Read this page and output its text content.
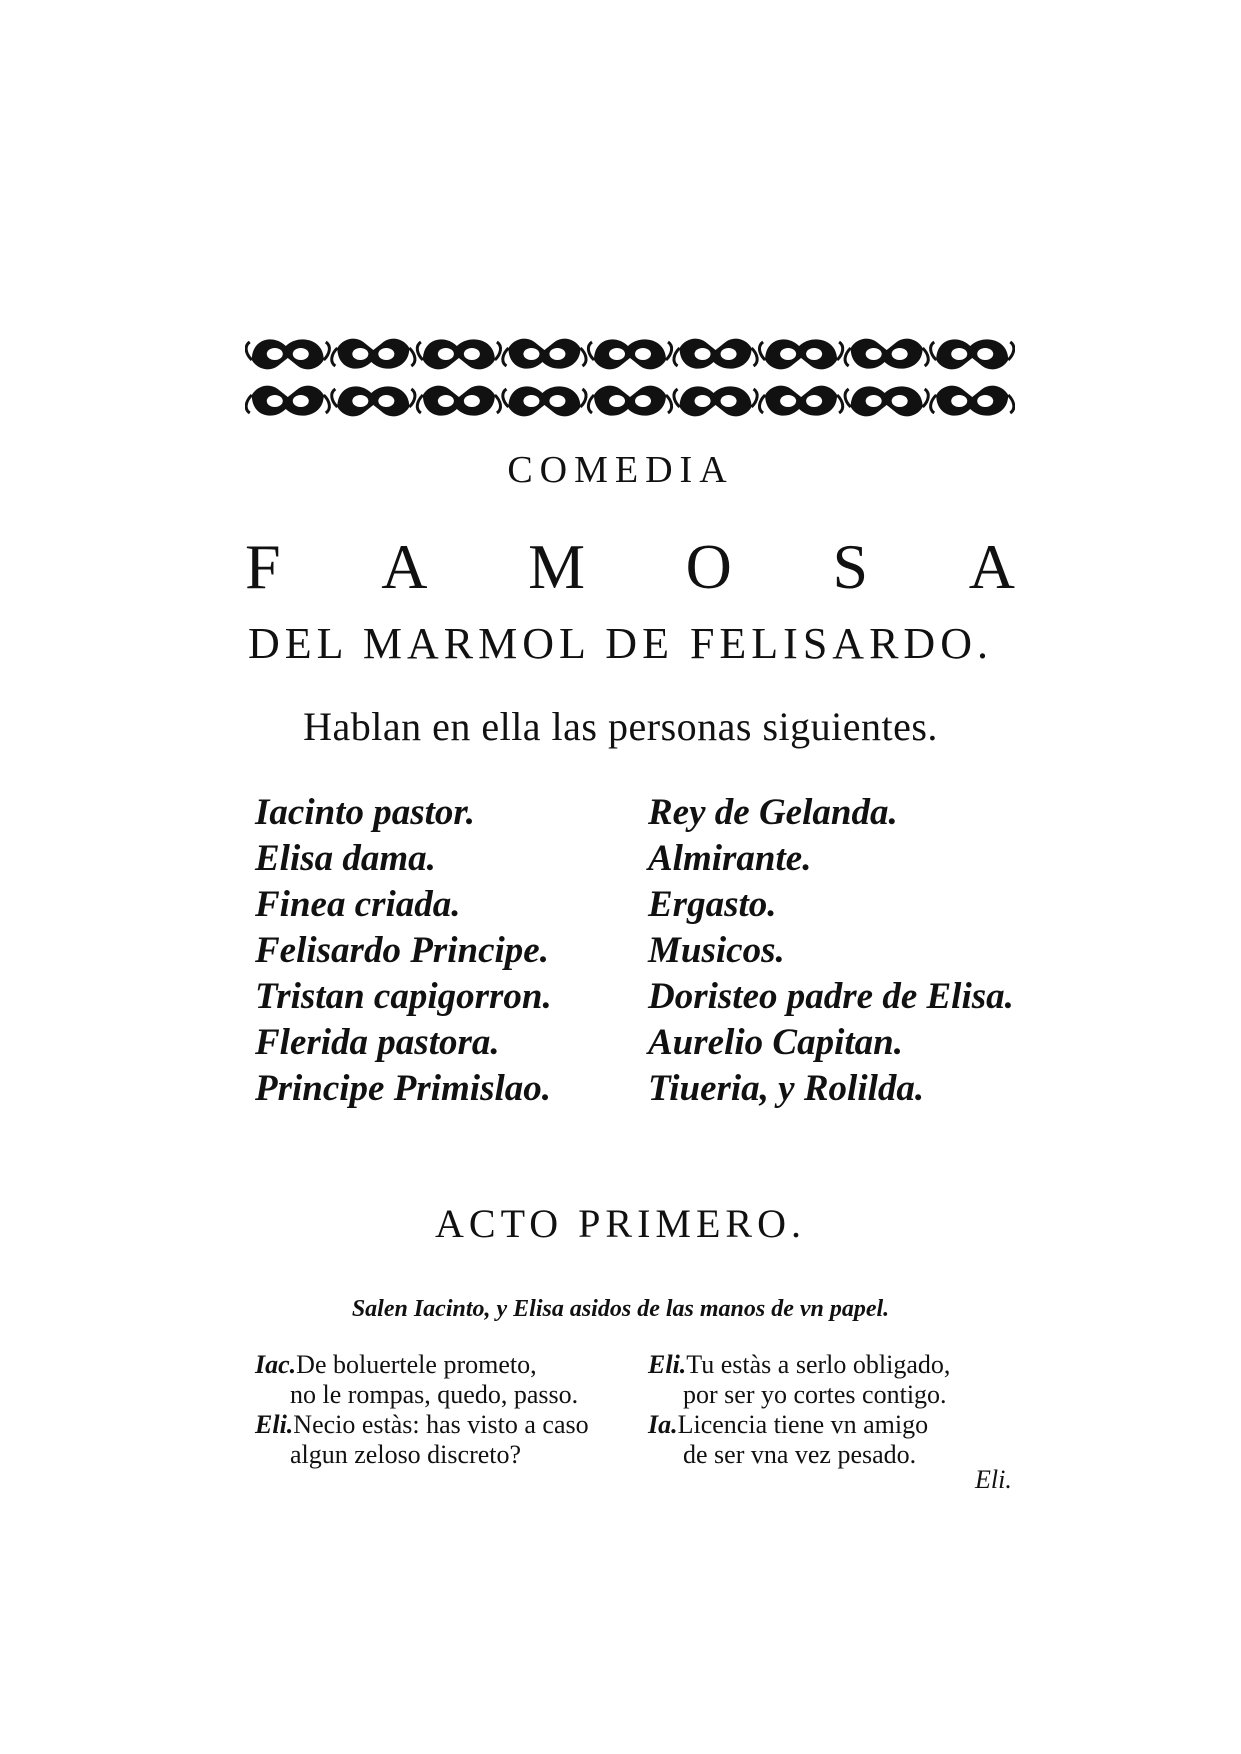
COMEDIA
F A M O S A
DEL MARMOL DE FELISARDO.
Hablan en ella las personas siguientes.
Iacinto pastor.
Elisa dama.
Finea criada.
Felisardo Principe.
Tristan capigorron.
Flerida pastora.
Principe Primislao.
Rey de Gelanda.
Almirante.
Ergasto.
Musicos.
Doristeo padre de Elisa.
Aurelio Capitan.
Tiueria, y Rolilda.
ACTO PRIMERO.
Salen Iacinto, y Elisa asidos de las manos de vn papel.
Iac.De boluertele prometo,
no le rompas, quedo, passo.
Eli.Necio estàs: has visto a caso
algun zeloso discreto?
Eli.Tu estàs a serlo obligado,
por ser yo cortes contigo.
Ia.Licencia tiene vn amigo
de ser vna vez pesado.
Eli.
